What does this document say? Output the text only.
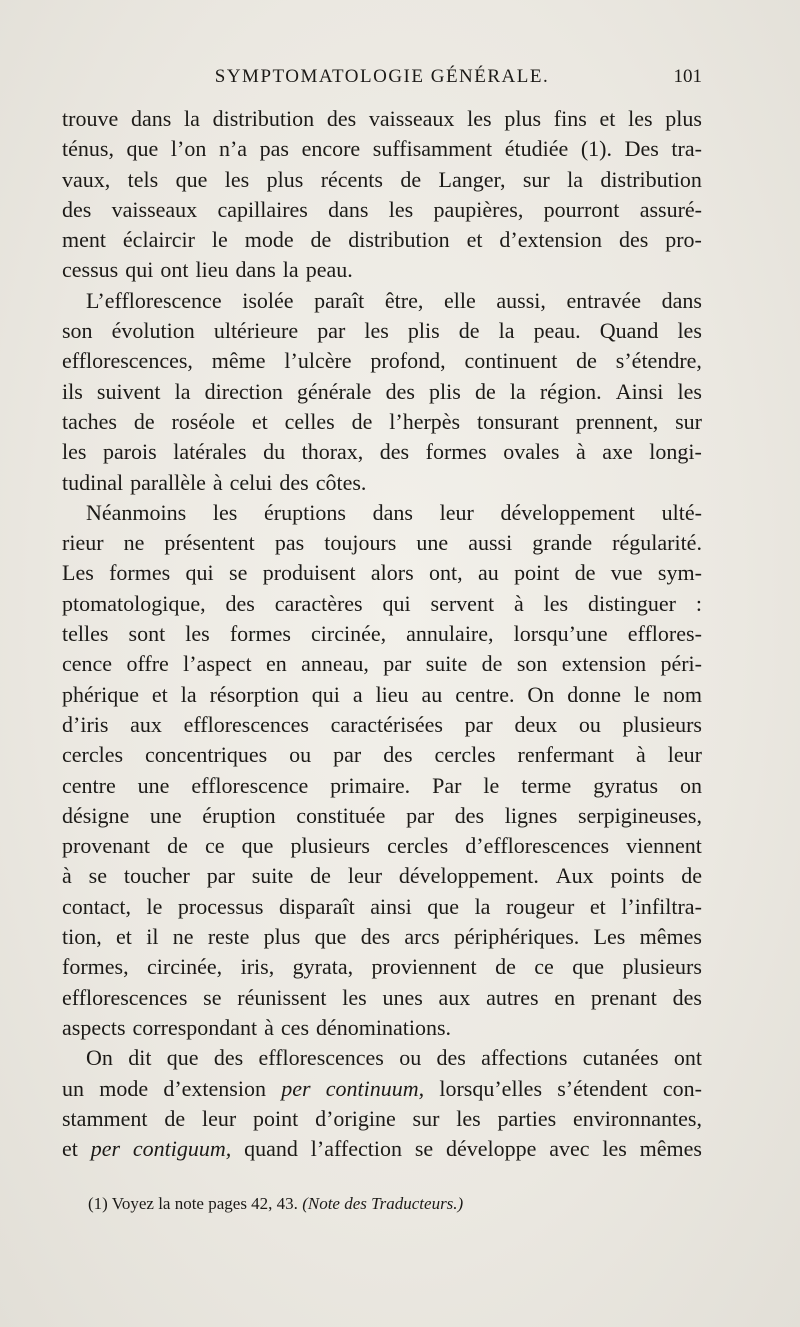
SYMPTOMATOLOGIE GÉNÉRALE.	101
trouve dans la distribution des vaisseaux les plus fins et les plus
ténus, que l’on n’a pas encore suffisamment étudiée (1). Des tra-
vaux, tels que les plus récents de Langer, sur la distribution
des vaisseaux capillaires dans les paupières, pourront assuré-
ment éclaircir le mode de distribution et d’extension des pro-
cessus qui ont lieu dans la peau.
L’efflorescence isolée paraît être, elle aussi, entravée dans
son évolution ultérieure par les plis de la peau. Quand les
efflorescences, même l’ulcère profond, continuent de s’étendre,
ils suivent la direction générale des plis de la région. Ainsi les
taches de roséole et celles de l’herpès tonsurant prennent, sur
les parois latérales du thorax, des formes ovales à axe longi-
tudinal parallèle à celui des côtes.
Néanmoins les éruptions dans leur développement ulté-
rieur ne présentent pas toujours une aussi grande régularité.
Les formes qui se produisent alors ont, au point de vue sym-
ptomatologique, des caractères qui servent à les distinguer :
telles sont les formes circinée, annulaire, lorsqu’une efflores-
cence offre l’aspect en anneau, par suite de son extension péri-
phérique et la résorption qui a lieu au centre. On donne le nom
d’iris aux efflorescences caractérisées par deux ou plusieurs
cercles concentriques ou par des cercles renfermant à leur
centre une efflorescence primaire. Par le terme gyratus on
désigne une éruption constituée par des lignes serpigineuses,
provenant de ce que plusieurs cercles d’efflorescences viennent
à se toucher par suite de leur développement. Aux points de
contact, le processus disparaît ainsi que la rougeur et l’infiltra-
tion, et il ne reste plus que des arcs périphériques. Les mêmes
formes, circinée, iris, gyrata, proviennent de ce que plusieurs
efflorescences se réunissent les unes aux autres en prenant des
aspects correspondant à ces dénominations.
On dit que des efflorescences ou des affections cutanées ont
un mode d’extension per continuum, lorsqu’elles s’étendent con-
stamment de leur point d’origine sur les parties environnantes,
et per contiguum, quand l’affection se développe avec les mêmes
(1) Voyez la note pages 42, 43. (Note des Traducteurs.)
